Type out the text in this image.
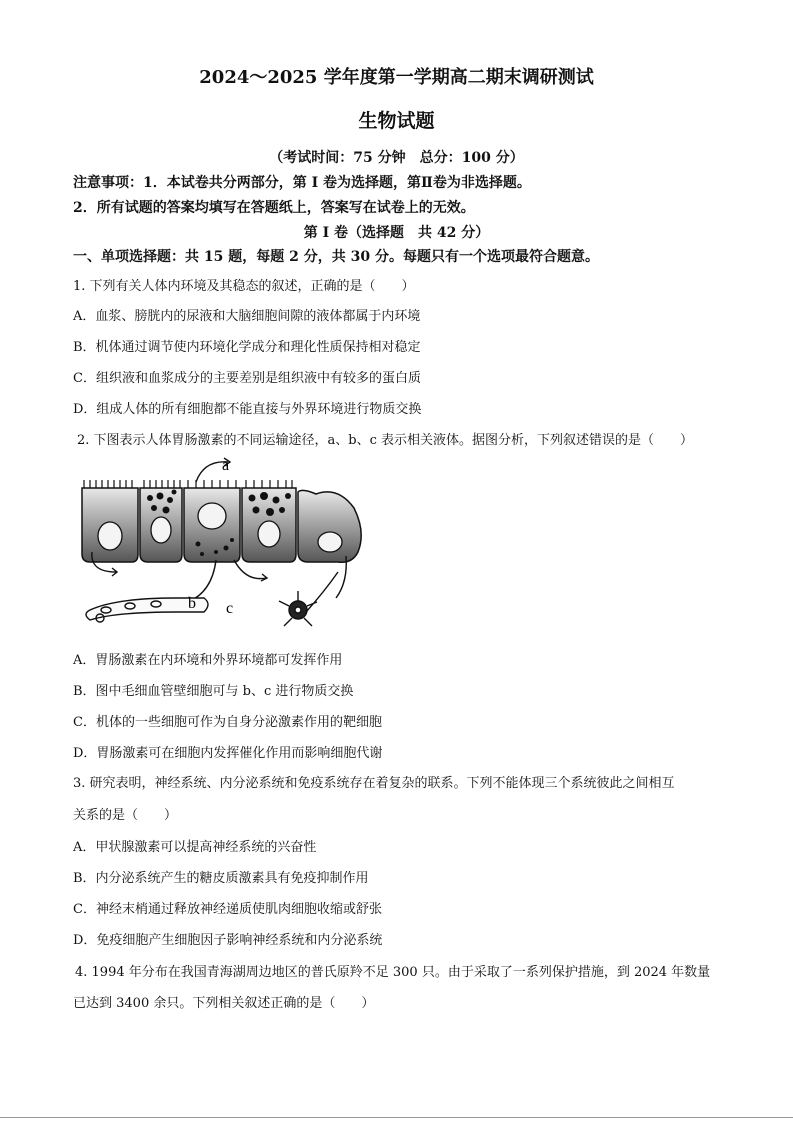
2024～2025 学年度第一学期高二期末调研测试
生物试题
（考试时间：75 分钟　总分：100 分）
注意事项：1．本试卷共分两部分，第 I 卷为选择题，第Ⅱ卷为非选择题。
2．所有试题的答案均填写在答题纸上，答案写在试卷上的无效。
第 I 卷（选择题　共 42 分）
一、单项选择题：共 15 题，每题 2 分，共 30 分。每题只有一个选项最符合题意。
1. 下列有关人体内环境及其稳态的叙述，正确的是（　　）
A．血浆、膀胱内的尿液和大脑细胞间隙的液体都属于内环境
B．机体通过调节使内环境化学成分和理化性质保持相对稳定
C．组织液和血浆成分的主要差别是组织液中有较多的蛋白质
D．组成人体的所有细胞都不能直接与外界环境进行物质交换
2. 下图表示人体胃肠激素的不同运输途径，a、b、c 表示相关液体。据图分析，下列叙述错误的是（　　）
a
b c
A．胃肠激素在内环境和外界环境都可发挥作用
B．图中毛细血管壁细胞可与 b、c 进行物质交换
C．机体的一些细胞可作为自身分泌激素作用的靶细胞
D．胃肠激素可在细胞内发挥催化作用而影响细胞代谢
3. 研究表明，神经系统、内分泌系统和免疫系统存在着复杂的联系。下列不能体现三个系统彼此之间相互
关系的是（　　）
A．甲状腺激素可以提高神经系统的兴奋性
B．内分泌系统产生的糖皮质激素具有免疫抑制作用
C．神经末梢通过释放神经递质使肌肉细胞收缩或舒张
D．免疫细胞产生细胞因子影响神经系统和内分泌系统
4. 1994 年分布在我国青海湖周边地区的普氏原羚不足 300 只。由于采取了一系列保护措施，到 2024 年数量
已达到 3400 余只。下列相关叙述正确的是（　　）
